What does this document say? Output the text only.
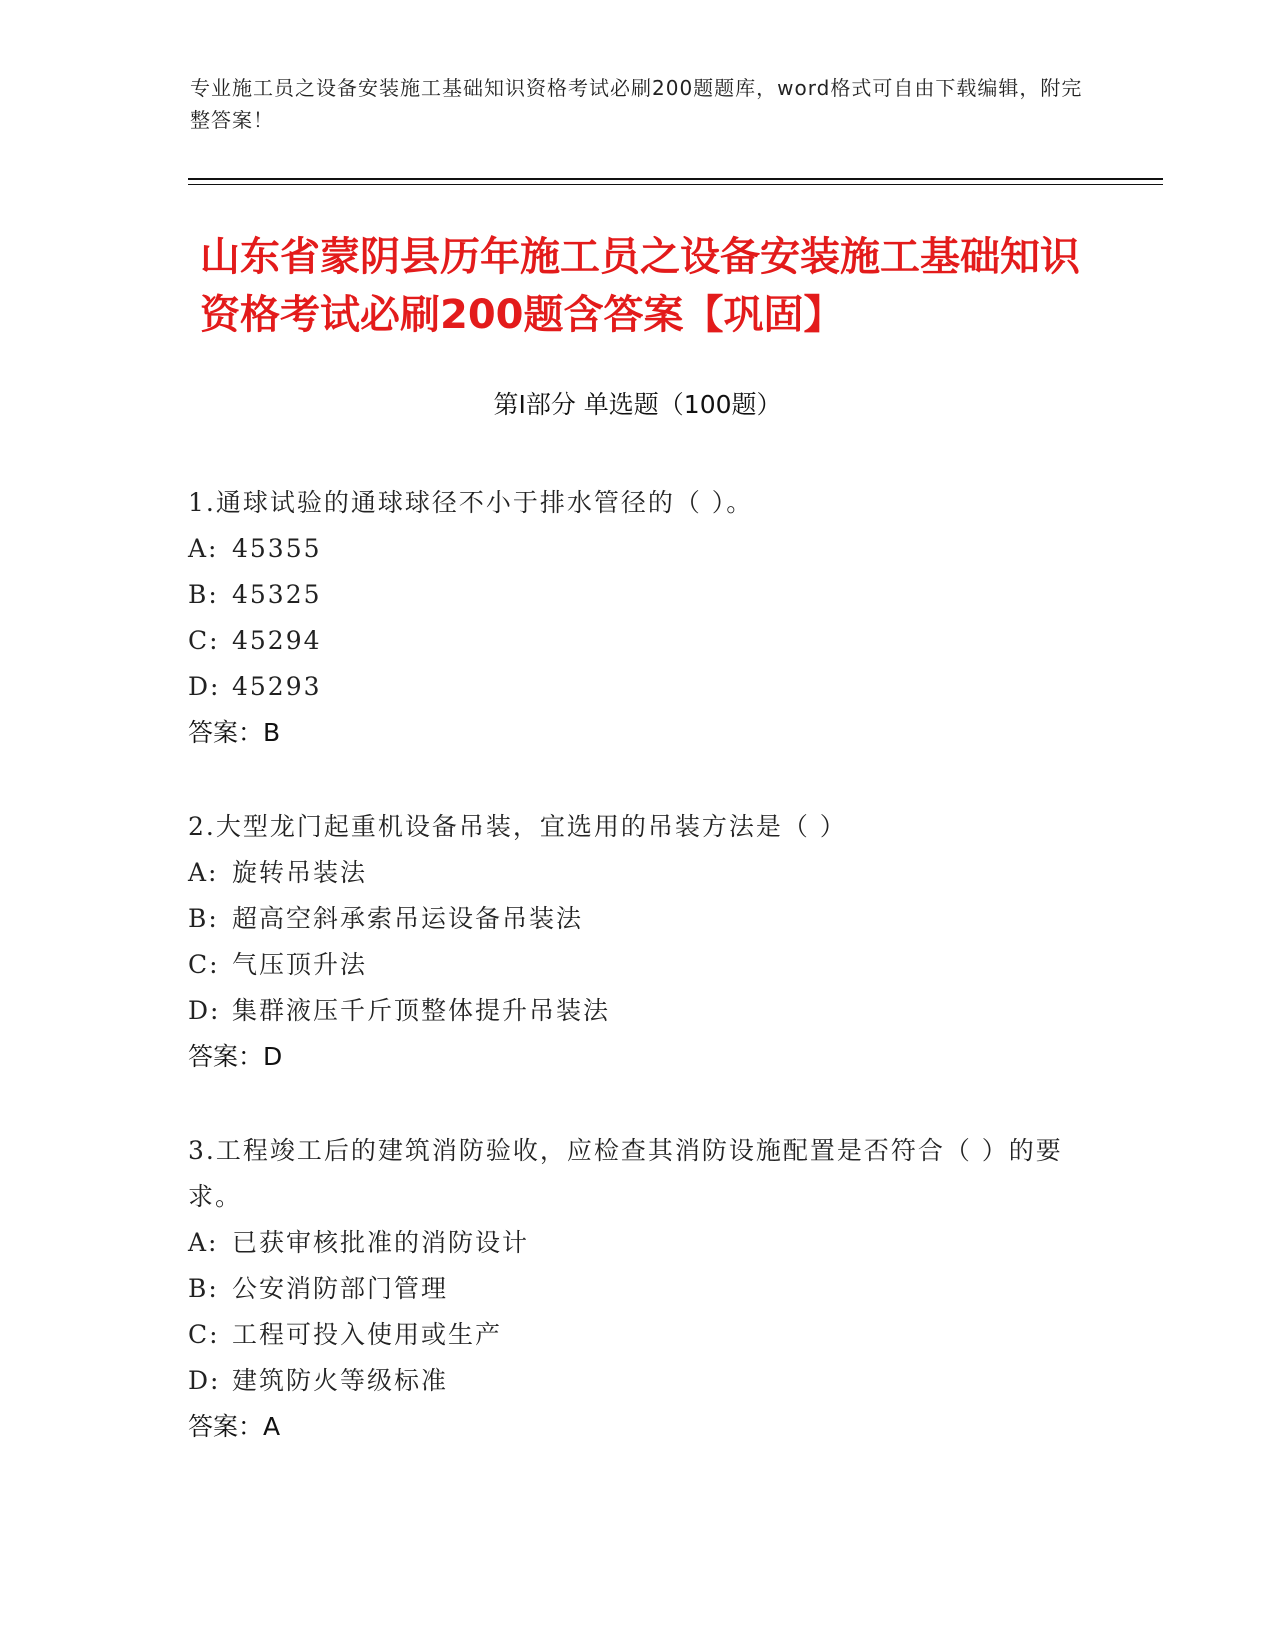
专业施工员之设备安装施工基础知识资格考试必刷200题题库，word格式可自由下载编辑，附完整答案！
山东省蒙阴县历年施工员之设备安装施工基础知识资格考试必刷200题含答案【巩固】
第Ⅰ部分 单选题（100题）
1.通球试验的通球球径不小于排水管径的（ ）。
A: 45355
B: 45325
C: 45294
D: 45293
答案：B
2.大型龙门起重机设备吊装，宜选用的吊装方法是（ ）
A: 旋转吊装法
B: 超高空斜承索吊运设备吊装法
C: 气压顶升法
D: 集群液压千斤顶整体提升吊装法
答案：D
3.工程竣工后的建筑消防验收，应检查其消防设施配置是否符合（ ）的要求。
A: 已获审核批准的消防设计
B: 公安消防部门管理
C: 工程可投入使用或生产
D: 建筑防火等级标准
答案：A
